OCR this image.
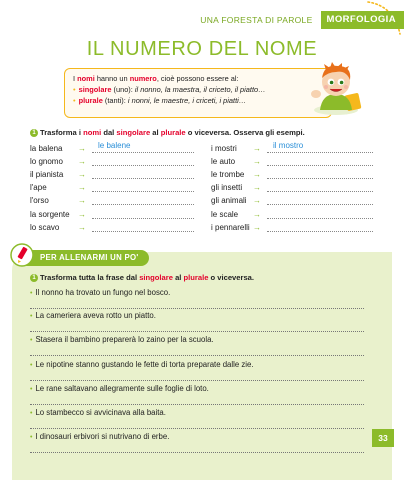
UNA FORESTA DI PAROLE	MORFOLOGIA
IL NUMERO DEL NOME
I nomi hanno un numero, cioè possono essere al:
• singolare (uno): il nonno, la maestra, il criceto, il piatto…
• plurale (tanti): i nonni, le maestre, i criceti, i piatti…
1 Trasforma i nomi dal singolare al plurale o viceversa. Osserva gli esempi.
la balena	→	le balene
lo gnomo	→
il pianista	→
l'ape	→
l'orso	→
la sorgente	→
lo scavo	→
i mostri	→	il mostro
le auto	→
le trombe	→
gli insetti	→
gli animali →
le scale	→
i pennarelli →
PER ALLENARMI UN PO'
1 Trasforma tutta la frase dal singolare al plurale o viceversa.
• Il nonno ha trovato un fungo nel bosco.
• La cameriera aveva rotto un piatto.
• Stasera il bambino preparerà lo zaino per la scuola.
• Le nipotine stanno gustando le fette di torta preparate dalle zie.
• Le rane saltavano allegramente sulle foglie di loto.
• Lo stambecco si avvicinava alla baita.
• I dinosauri erbivori si nutrivano di erbe.	33
